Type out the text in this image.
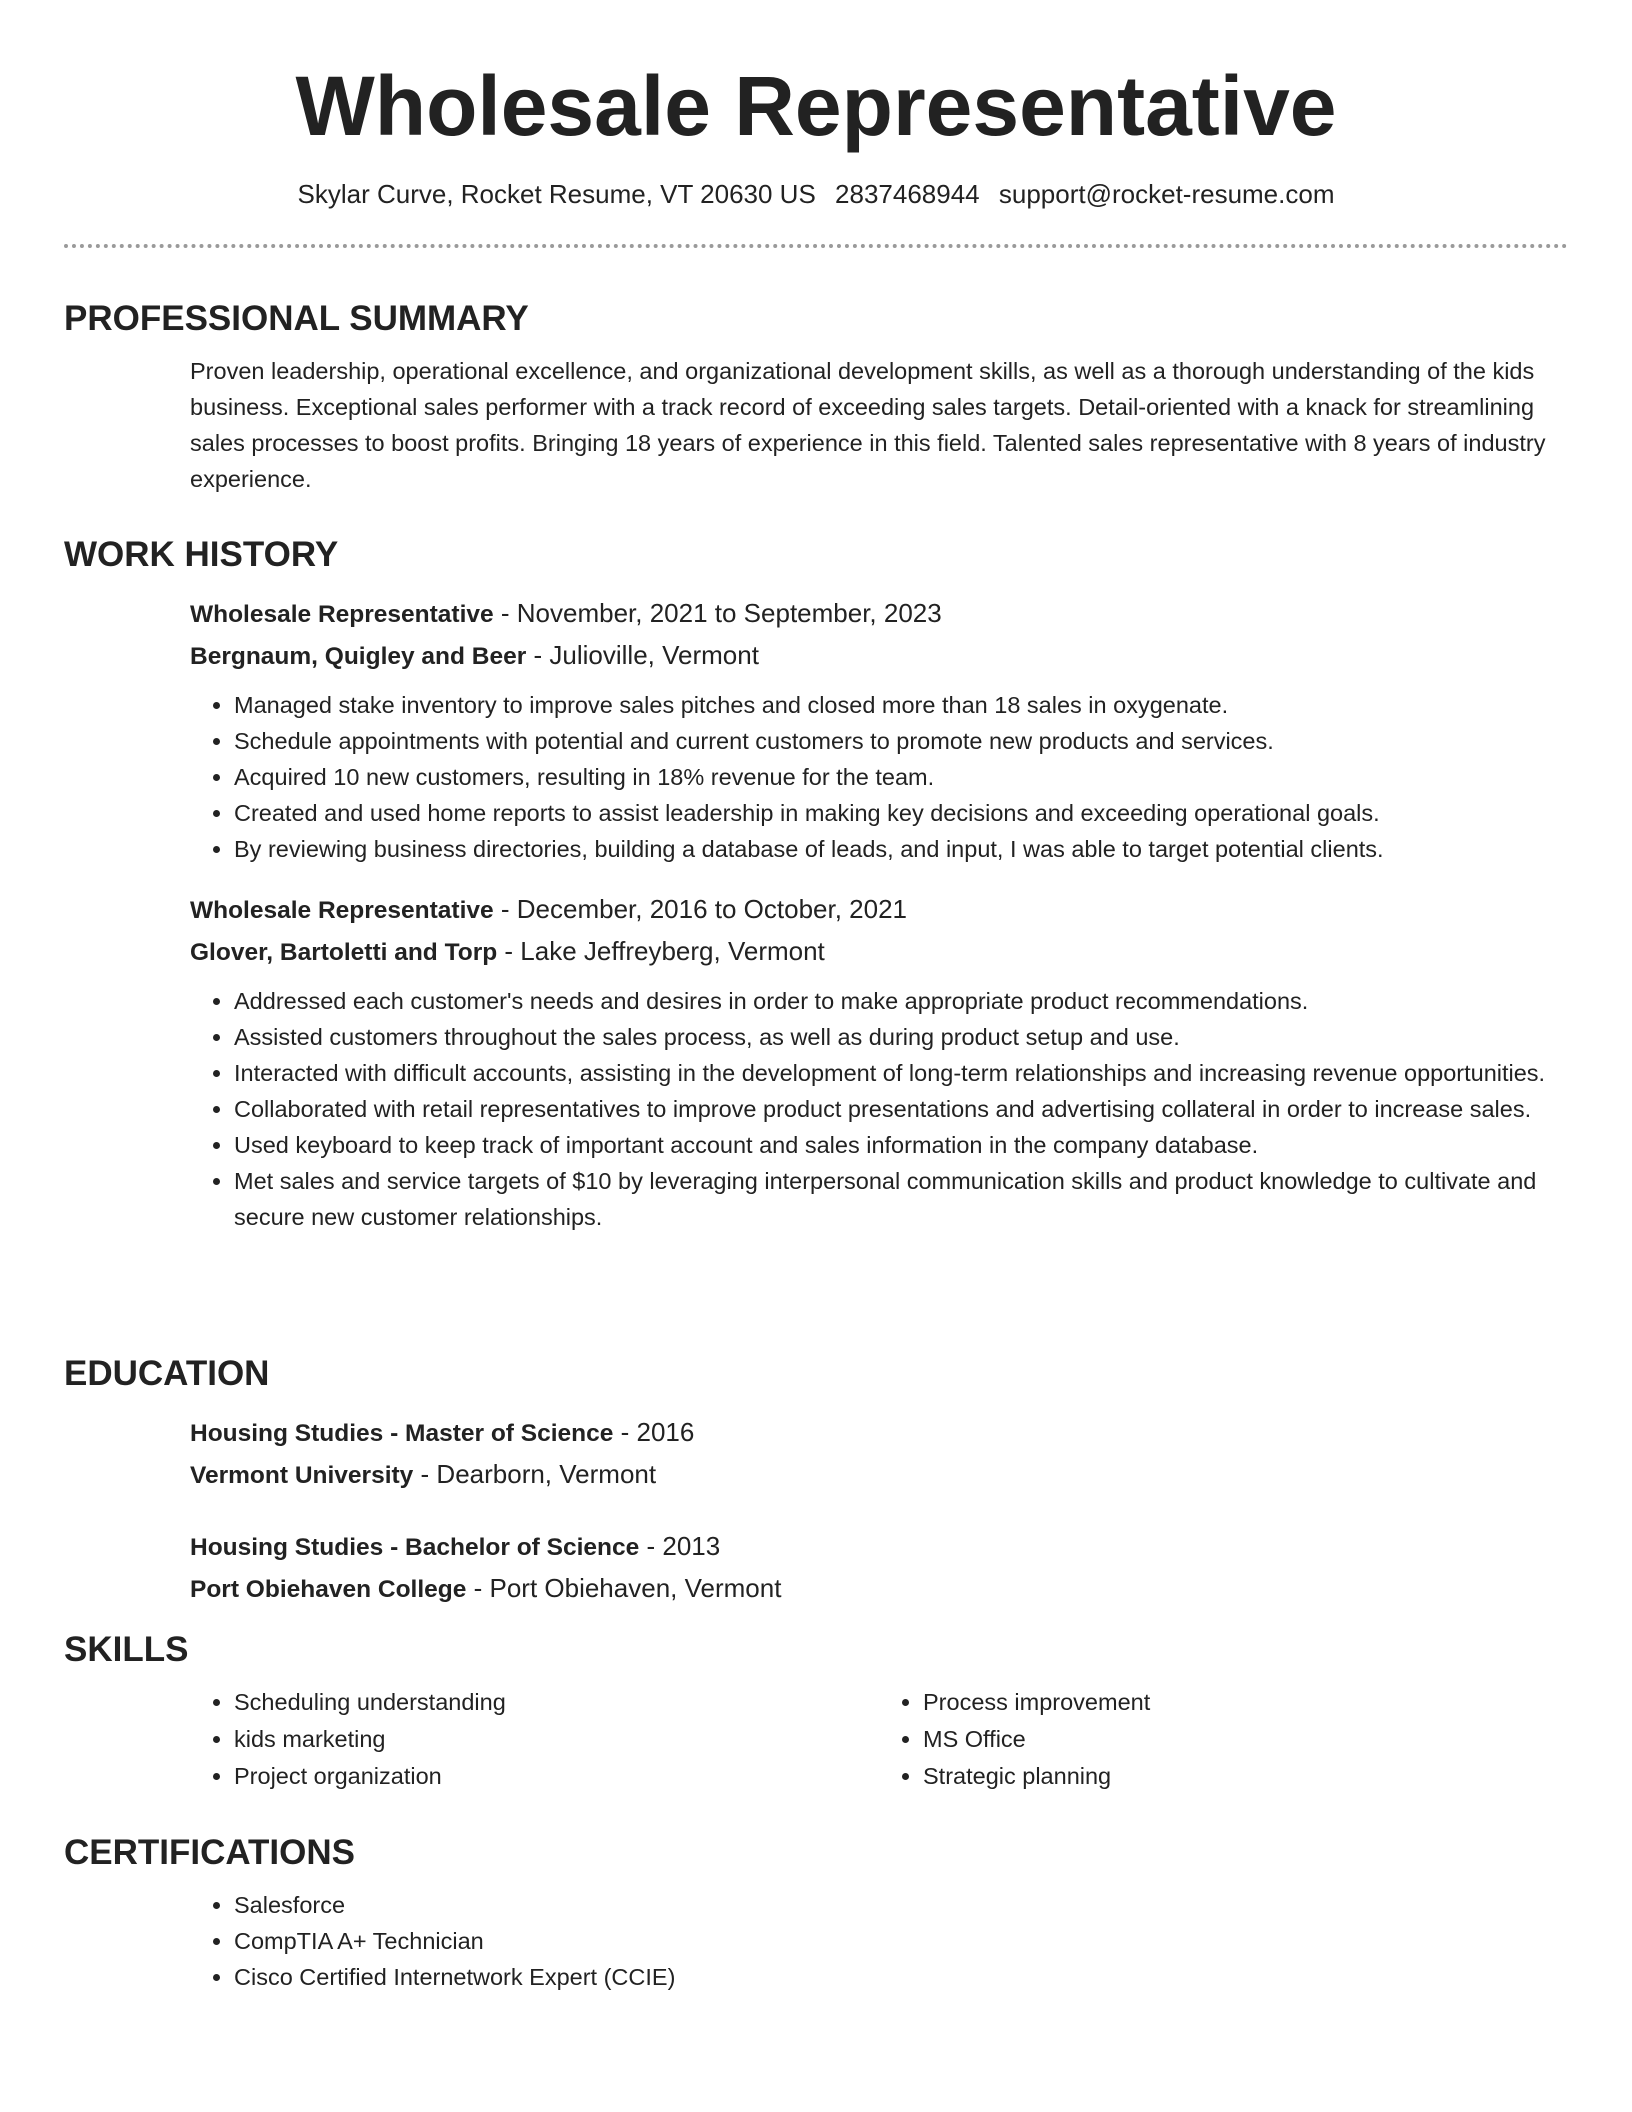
Wholesale Representative
Skylar Curve, Rocket Resume, VT 20630 US 2837468944 support@rocket-resume.com
PROFESSIONAL SUMMARY

Proven leadership, operational excellence, and organizational development skills, as well as a thorough understanding of the kids business. Exceptional sales performer with a track record of exceeding sales targets. Detail-oriented with a knack for streamlining sales processes to boost profits. Bringing 18 years of experience in this field. Talented sales representative with 8 years of industry experience.

WORK HISTORY

Wholesale Representative - November, 2021 to September, 2023

Bergnaum, Quigley and Beer - Julioville, Vermont

• Managed stake inventory to improve sales pitches and closed more than 18 sales in oxygenate.
• Schedule appointments with potential and current customers to promote new products and services.
• Acquired 10 new customers, resulting in 18% revenue for the team.
• Created and used home reports to assist leadership in making key decisions and exceeding operational goals.
• By reviewing business directories, building a database of leads, and input, I was able to target potential clients.

Wholesale Representative - December, 2016 to October, 2021

Glover, Bartoletti and Torp - Lake Jeffreyberg, Vermont

• Addressed each customer's needs and desires in order to make appropriate product recommendations.
• Assisted customers throughout the sales process, as well as during product setup and use.
• Interacted with difficult accounts, assisting in the development of long-term relationships and increasing revenue opportunities.
• Collaborated with retail representatives to improve product presentations and advertising collateral in order to increase sales.
• Used keyboard to keep track of important account and sales information in the company database.
• Met sales and service targets of $10 by leveraging interpersonal communication skills and product knowledge to cultivate and secure new customer relationships.
EDUCATION

Housing Studies - Master of Science - 2016

Vermont University - Dearborn, Vermont

Housing Studies - Bachelor of Science - 2013

Port Obiehaven College - Port Obiehaven, Vermont

SKILLS
• Scheduling understanding
• kids marketing
• Project organization
• Process improvement
• MS Office
• Strategic planning
CERTIFICATIONS
• Salesforce
• CompTIA A+ Technician
• Cisco Certified Internetwork Expert (CCIE)
